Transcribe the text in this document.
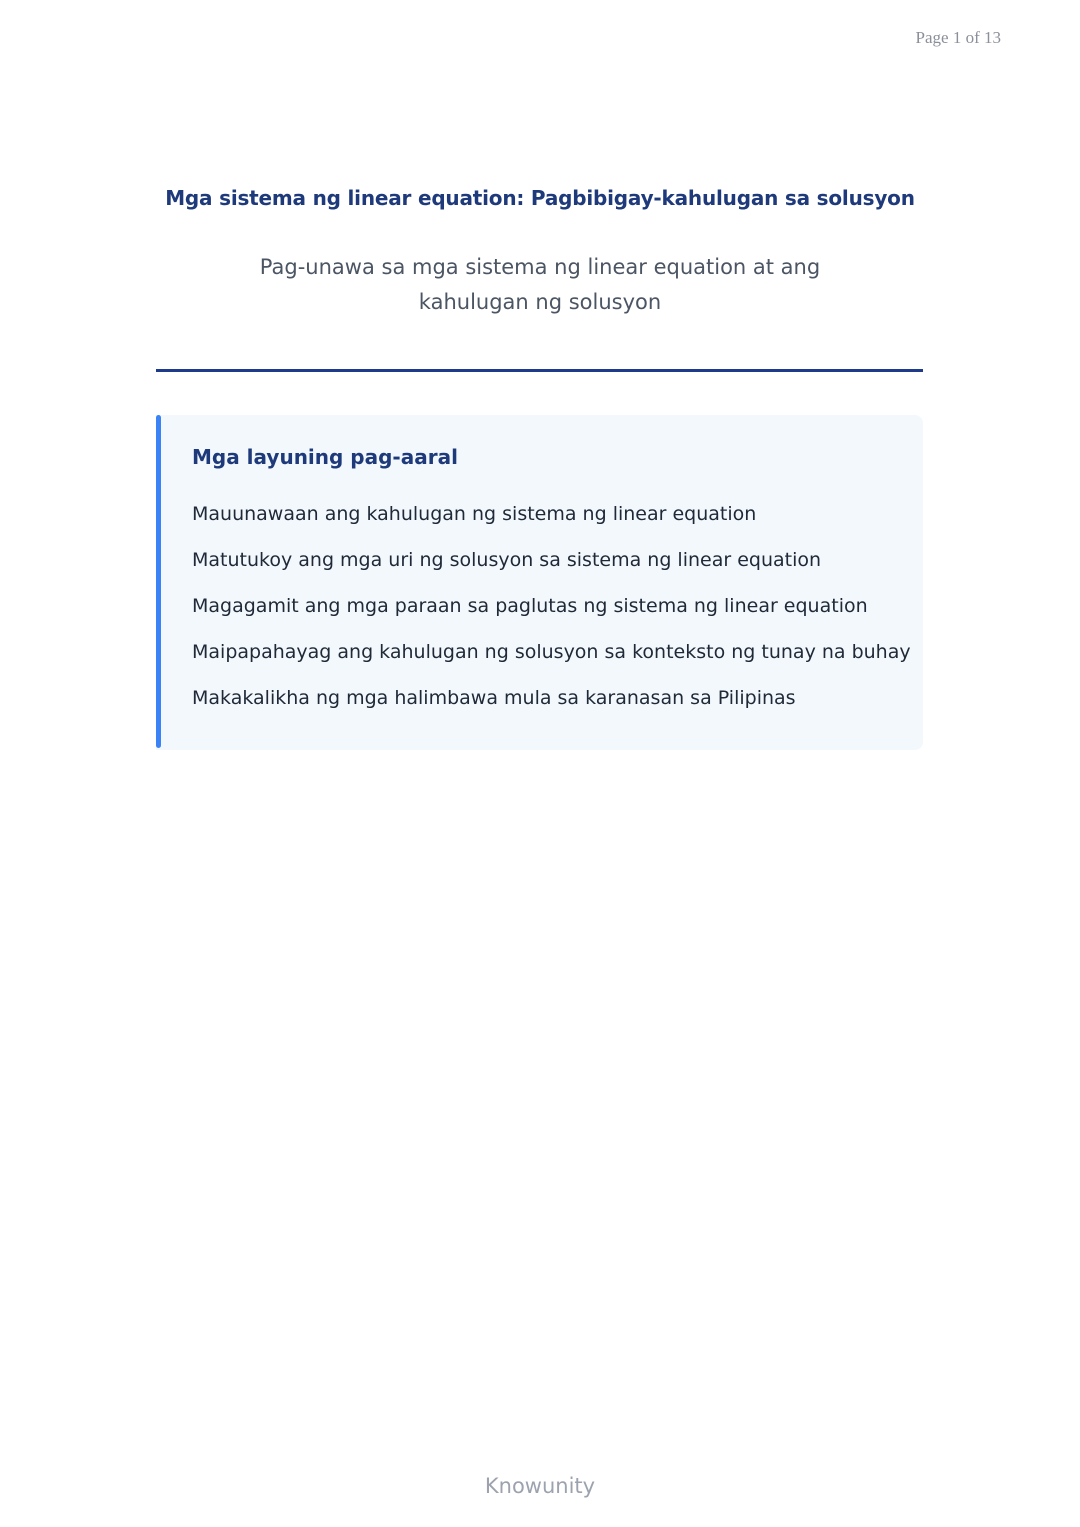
Page 1 of 13
Mga sistema ng linear equation: Pagbibigay-kahulugan sa solusyon
Pag-unawa sa mga sistema ng linear equation at ang kahulugan ng solusyon
Mga layuning pag-aaral
Mauunawaan ang kahulugan ng sistema ng linear equation
Matutukoy ang mga uri ng solusyon sa sistema ng linear equation
Magagamit ang mga paraan sa paglutas ng sistema ng linear equation
Maipapahayag ang kahulugan ng solusyon sa konteksto ng tunay na buhay
Makakalikha ng mga halimbawa mula sa karanasan sa Pilipinas
Knowunity
